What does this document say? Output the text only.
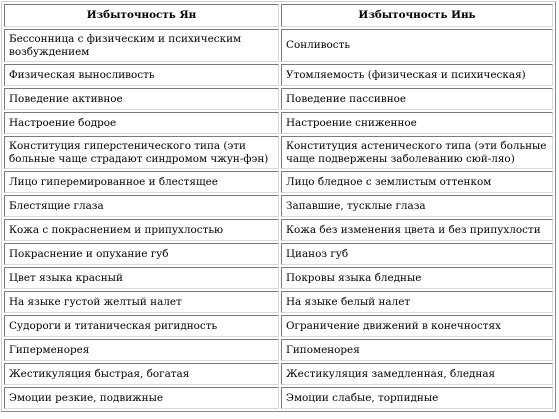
Избыточность Ян	Избыточность Инь
Бессонница с физическим и психическим возбуждением	Сонливость
Физическая выносливость	Утомляемость (физическая и психическая)
Поведение активное	Поведение пассивное
Настроение бодрое	Настроение сниженное
Конституция гиперстенического типа (эти больные чаще страдают синдромом чжун-фэн)	Конституция астенического типа (эти больные чаще подвержены заболеванию сюй-ляо)
Лицо гиперемированное и блестящее	Лицо бледное с землистым оттенком
Блестящие глаза	Запавшие, тусклые глаза
Кожа с покраснением и припухлостью	Кожа без изменения цвета и без припухлости
Покраснение и опухание губ	Цианоз губ
Цвет языка красный	Покровы языка бледные
На языке густой желтый налет	На языке белый налет
Судороги и титаническая ригидность	Ограничение движений в конечностях
Гиперменорея	Гипоменорея
Жестикуляция быстрая, богатая	Жестикуляция замедленная, бледная
Эмоции резкие, подвижные	Эмоции слабые, торпидные
